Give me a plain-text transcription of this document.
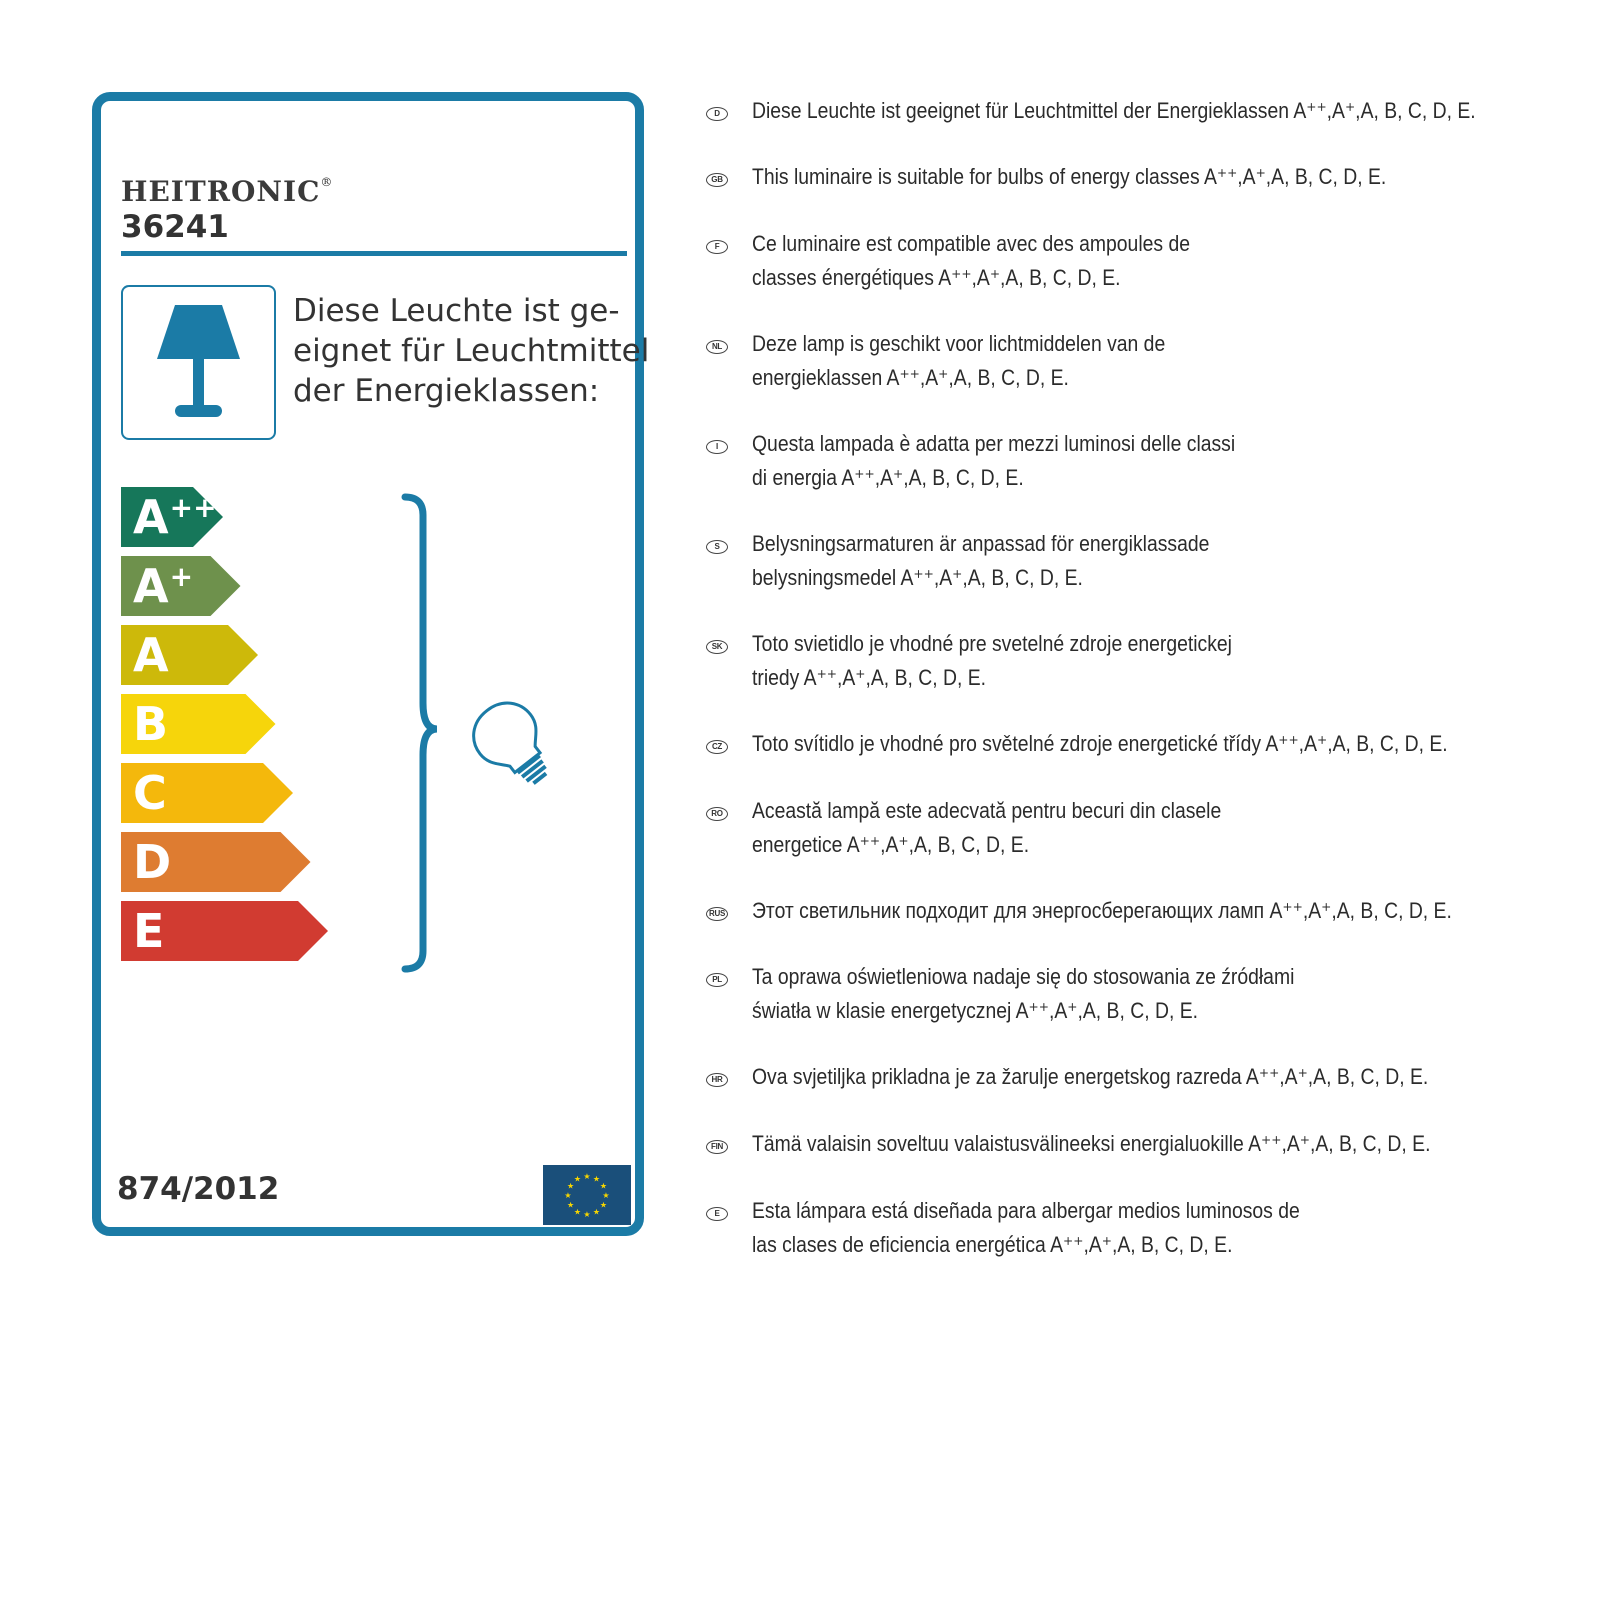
HEITRONIC®
36241
Diese Leuchte ist ge-
eignet für Leuchtmittel
der Energieklassen:
A++
A+
A
B
C
D
E
874/2012	★ ★
★
★
★
★
★
★
★
★
★
★
D	Diese Leuchte ist geeignet für Leuchtmittel der Energieklassen A⁺⁺,A⁺,A, B, C, D, E.
GB This luminaire is suitable for bulbs of energy classes A⁺⁺,A⁺,A, B, C, D, E.
F	Ce luminaire est compatible avec des ampoules de
classes énergétiques A⁺⁺,A⁺,A, B, C, D, E.
NL Deze lamp is geschikt voor lichtmiddelen van de
energieklassen A⁺⁺,A⁺,A, B, C, D, E.
I	Questa lampada è adatta per mezzi luminosi delle classi
di energia A⁺⁺,A⁺,A, B, C, D, E.
S	Belysningsarmaturen är anpassad för energiklassade
belysningsmedel A⁺⁺,A⁺,A, B, C, D, E.
SK Toto svietidlo je vhodné pre svetelné zdroje energetickej
triedy A⁺⁺,A⁺,A, B, C, D, E.
CZ Toto svítidlo je vhodné pro světelné zdroje energetické třídy A⁺⁺,A⁺,A, B, C, D, E.
RO Această lampă este adecvată pentru becuri din clasele
energetice A⁺⁺,A⁺,A, B, C, D, E.
RUS Этот светильник подходит для энергосберегающих ламп A⁺⁺,A⁺,A, B, C, D, E.
PL Ta oprawa oświetleniowa nadaje się do stosowania ze źródłami
światła w klasie energetycznej A⁺⁺,A⁺,A, B, C, D, E.
HR Ova svjetiljka prikladna je za žarulje energetskog razreda A⁺⁺,A⁺,A, B, C, D, E.
FIN Tämä valaisin soveltuu valaistusvälineeksi energialuokille A⁺⁺,A⁺,A, B, C, D, E.
E	Esta lámpara está diseñada para albergar medios luminosos de
las clases de eficiencia energética A⁺⁺,A⁺,A, B, C, D, E.
